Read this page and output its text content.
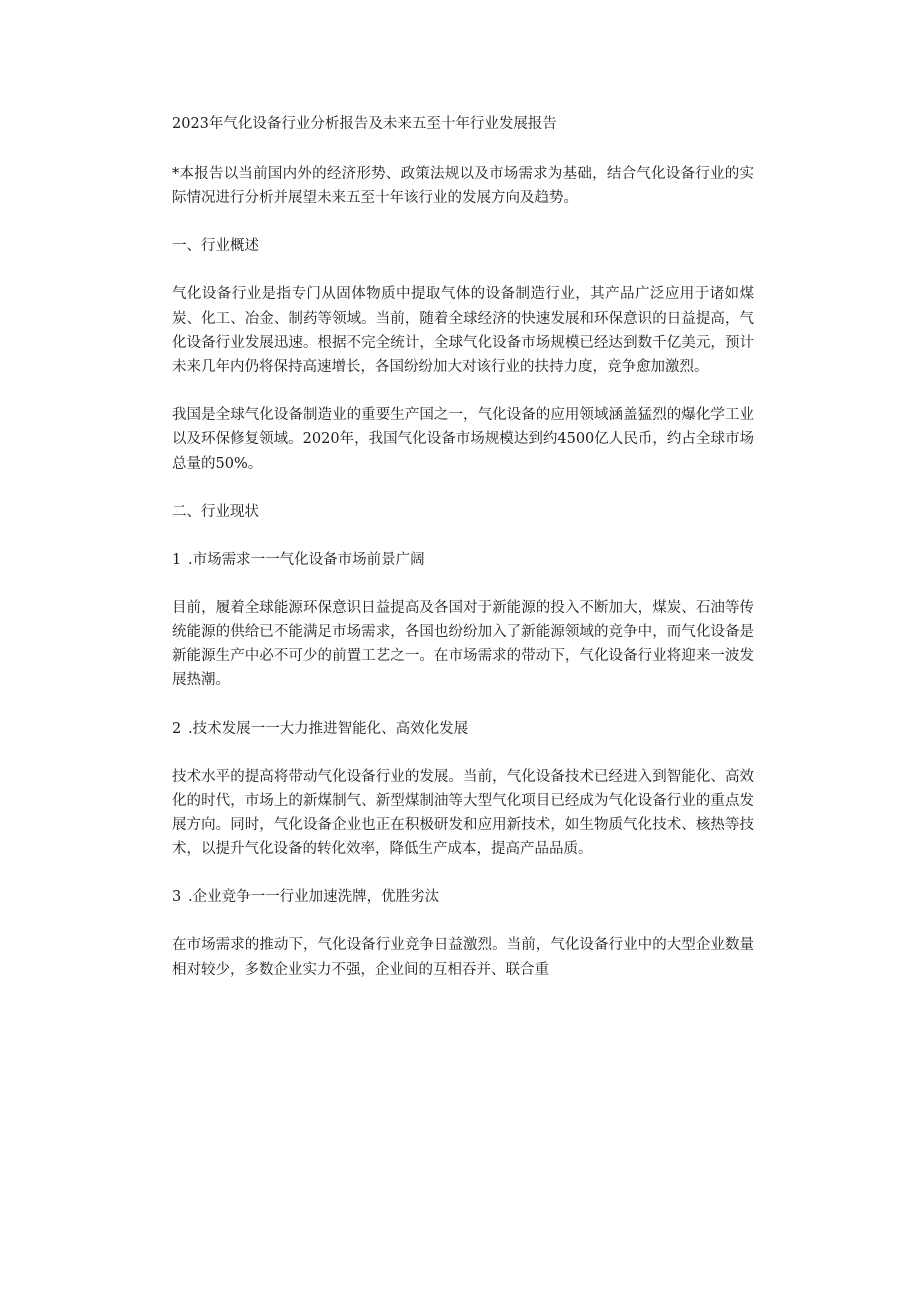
2023年气化设备行业分析报告及未来五至十年行业发展报告
*本报告以当前国内外的经济形势、政策法规以及市场需求为基础，结合气化设备行业的实际情况进行分析并展望未来五至十年该行业的发展方向及趋势。
一、行业概述
气化设备行业是指专门从固体物质中提取气体的设备制造行业，其产品广泛应用于诸如煤炭、化工、冶金、制药等领域。当前，随着全球经济的快速发展和环保意识的日益提高，气化设备行业发展迅速。根据不完全统计，全球气化设备市场规模已经达到数千亿美元，预计未来几年内仍将保持高速增长，各国纷纷加大对该行业的扶持力度，竞争愈加激烈。
我国是全球气化设备制造业的重要生产国之一，气化设备的应用领域涵盖猛烈的爆化学工业以及环保修复领域。2020年，我国气化设备市场规模达到约4500亿人民币，约占全球市场总量的50%。
二、行业现状
1 .市场需求一一气化设备市场前景广阔
目前，履着全球能源环保意识日益提高及各国对于新能源的投入不断加大，煤炭、石油等传统能源的供给已不能满足市场需求，各国也纷纷加入了新能源领域的竞争中，而气化设备是新能源生产中必不可少的前置工艺之一。在市场需求的带动下，气化设备行业将迎来一波发展热潮。
2 .技术发展一一大力推进智能化、高效化发展
技术水平的提高将带动气化设备行业的发展。当前，气化设备技术已经进入到智能化、高效化的时代，市场上的新煤制气、新型煤制油等大型气化项目已经成为气化设备行业的重点发展方向。同时，气化设备企业也正在积极研发和应用新技术，如生物质气化技术、核热等技术，以提升气化设备的转化效率，降低生产成本，提高产品品质。
3 .企业竞争一一行业加速洗牌，优胜劣汰
在市场需求的推动下，气化设备行业竞争日益激烈。当前，气化设备行业中的大型企业数量相对较少，多数企业实力不强，企业间的互相吞并、联合重
